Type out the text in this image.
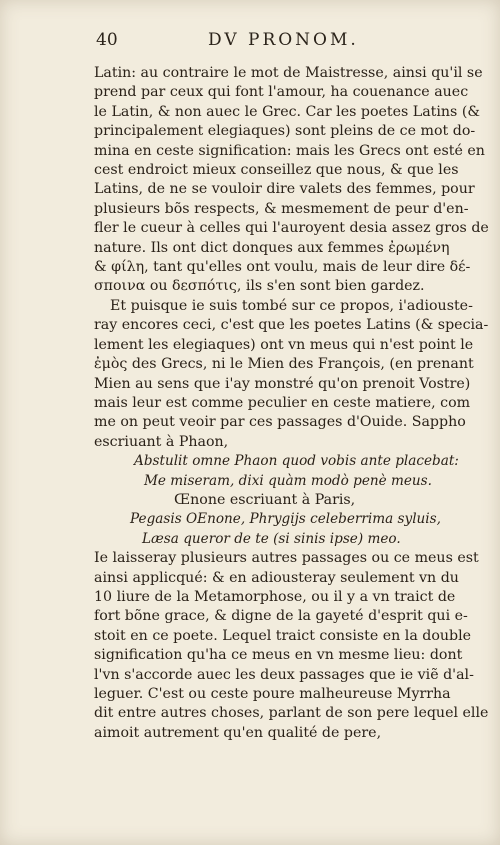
40	DV PRONOM.
Latin: au contraire le mot de Maistresse, ainsi qu'il se
prend par ceux qui font l'amour, ha couenance auec
le Latin, & non auec le Grec. Car les poetes Latins (&
principalement elegiaques) sont pleins de ce mot do-
mina en ceste signification: mais les Grecs ont esté en
cest endroict mieux conseillez que nous, & que les
Latins, de ne se vouloir dire valets des femmes, pour
plusieurs bõs respects, & mesmement de peur d'en-
fler le cueur à celles qui l'auroyent desia assez gros de
nature. Ils ont dict donques aux femmes ἐρωμένη
& φίλη, tant qu'elles ont voulu, mais de leur dire δέ-
σποινα ou δεσπότις, ils s'en sont bien gardez.
Et puisque ie suis tombé sur ce propos, i'adiouste-
ray encores ceci, c'est que les poetes Latins (& specia-
lement les elegiaques) ont vn meus qui n'est point le
ἐμὸς des Grecs, ni le Mien des François, (en prenant
Mien au sens que i'ay monstré qu'on prenoit Vostre)
mais leur est comme peculier en ceste matiere, com
me on peut veoir par ces passages d'Ouide. Sappho
escriuant à Phaon,
Abstulit omne Phaon quod vobis ante placebat:
Me miseram, dixi quàm modò penè meus.
Œnone escriuant à Paris,
Pegasis OEnone, Phrygijs celeberrima syluis,
Læsa queror de te (si sinis ipse) meo.
Ie laisseray plusieurs autres passages ou ce meus est
ainsi applicqué: & en adiousteray seulement vn du
10 liure de la Metamorphose, ou il y a vn traict de
fort bõne grace, & digne de la gayeté d'esprit qui e-
stoit en ce poete. Lequel traict consiste en la double
signification qu'ha ce meus en vn mesme lieu: dont
l'vn s'accorde auec les deux passages que ie viẽ d'al-
leguer. C'est ou ceste poure malheureuse Myrrha
dit entre autres choses, parlant de son pere lequel elle
aimoit autrement qu'en qualité de pere,
